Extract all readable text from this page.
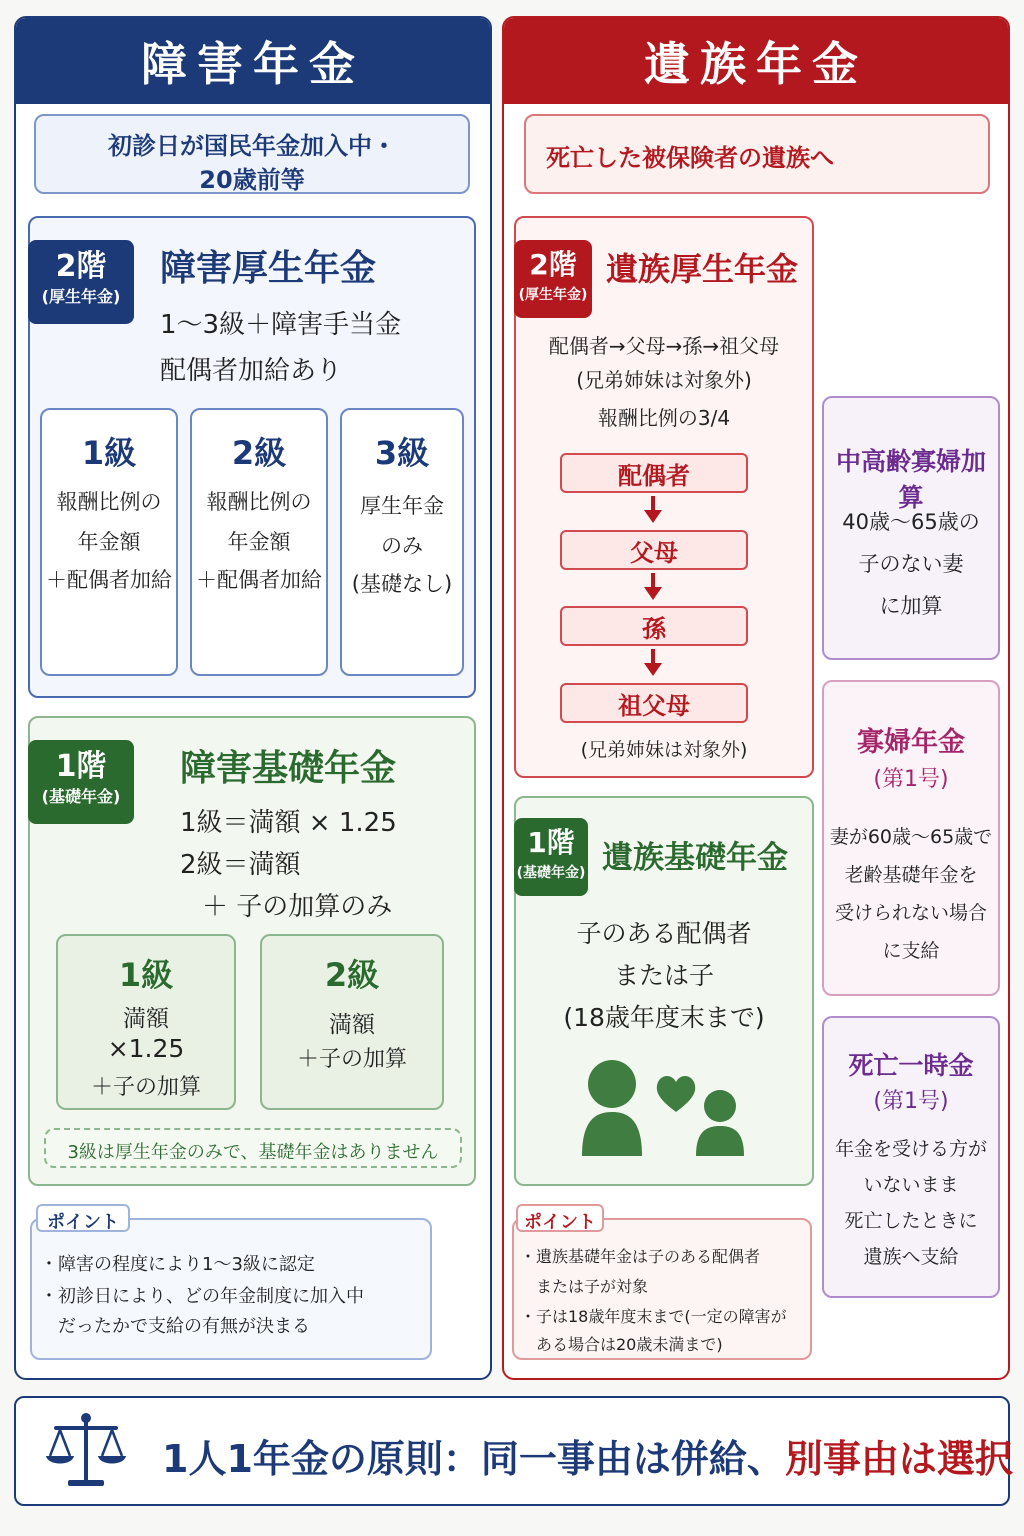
障害年金
初診日が国民年金加入中・
20歳前等
2階
(厚生年金)
障害厚生年金
1～3級＋障害手当金
配偶者加給あり
1級
報酬比例の
年金額
＋配偶者加給
2級
報酬比例の
年金額
＋配偶者加給
3級
厚生年金
のみ
(基礎なし)
1階
(基礎年金)
障害基礎年金
1級＝満額 × 1.25
2級＝満額
＋ 子の加算のみ
1級
満額
×1.25
＋子の加算
2級
満額
＋子の加算
3級は厚生年金のみで、基礎年金はありません
・障害の程度により1～3級に認定
・初診日により、どの年金制度に加入中
　だったかで支給の有無が決まる
ポイント
遺族年金
死亡した被保険者の遺族へ
2階
(厚生年金)
遺族厚生年金
配偶者→父母→孫→祖父母
(兄弟姉妹は対象外)
報酬比例の3/4
配偶者
父母
孫
祖父母
(兄弟姉妹は対象外)
1階
(基礎年金) 遺族基礎年金
子のある配偶者
または子
(18歳年度末まで)
・遺族基礎年金は子のある配偶者
　または子が対象
・子は18歳年度末まで(一定の障害が
　ある場合は20歳未満まで)
ポイント
中高齢寡婦加算
40歳～65歳の
子のない妻
に加算
寡婦年金
(第1号)
妻が60歳～65歳で
老齢基礎年金を
受けられない場合
に支給
死亡一時金
(第1号)
年金を受ける方が
いないまま
死亡したときに
遺族へ支給
1人1年金の原則：同一事由は併給、別事由は選択
